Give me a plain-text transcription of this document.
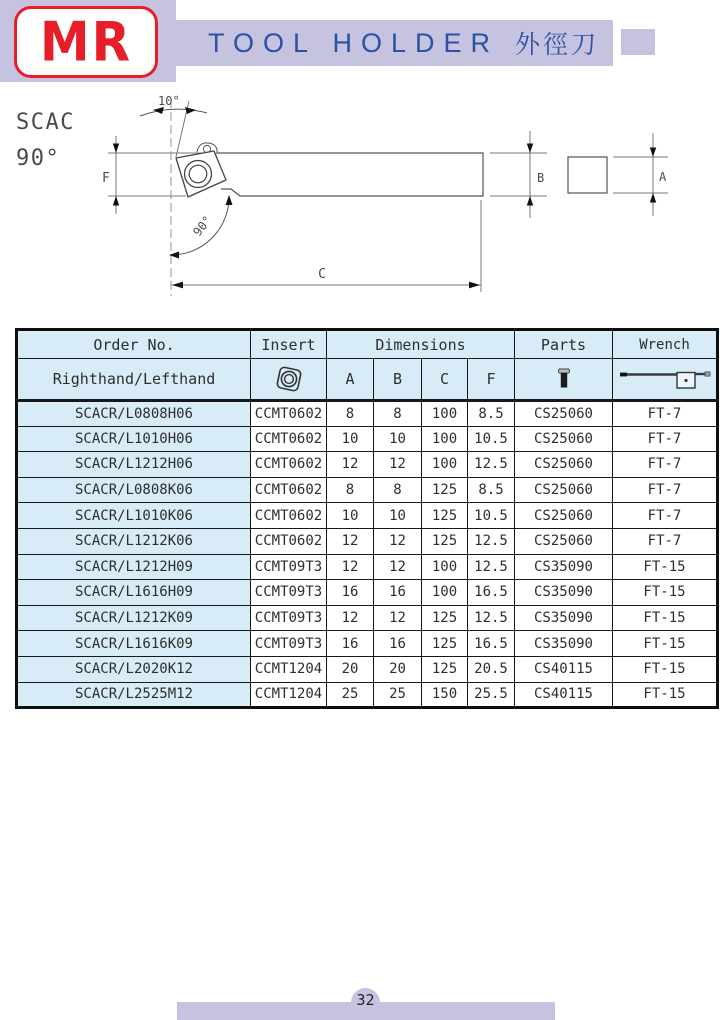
MR	TOOL HOLDER 外徑刀
SCAC
90°
10°
F
90°
C
B	A
Order No.	Insert	Dimensions				Parts	Wrench
Righthand/Lefthand		A	B	C	F	

SCACR/L0808H06	CCMT0602	8	8	100	8.5	CS25060	FT-7
SCACR/L1010H06	CCMT0602	10	10	100	10.5	CS25060	FT-7
SCACR/L1212H06	CCMT0602	12	12	100	12.5	CS25060	FT-7
SCACR/L0808K06	CCMT0602	8	8	125	8.5	CS25060	FT-7
SCACR/L1010K06	CCMT0602	10	10	125	10.5	CS25060	FT-7
SCACR/L1212K06	CCMT0602	12	12	125	12.5	CS25060	FT-7
SCACR/L1212H09	CCMT09T3	12	12	100	12.5	CS35090	FT-15
SCACR/L1616H09	CCMT09T3	16	16	100	16.5	CS35090	FT-15
SCACR/L1212K09	CCMT09T3	12	12	125	12.5	CS35090	FT-15
SCACR/L1616K09	CCMT09T3	16	16	125	16.5	CS35090	FT-15
SCACR/L2020K12	CCMT1204	20	20	125	20.5	CS40115	FT-15
SCACR/L2525M12	CCMT1204	25	25	150	25.5	CS40115	FT-15
32
